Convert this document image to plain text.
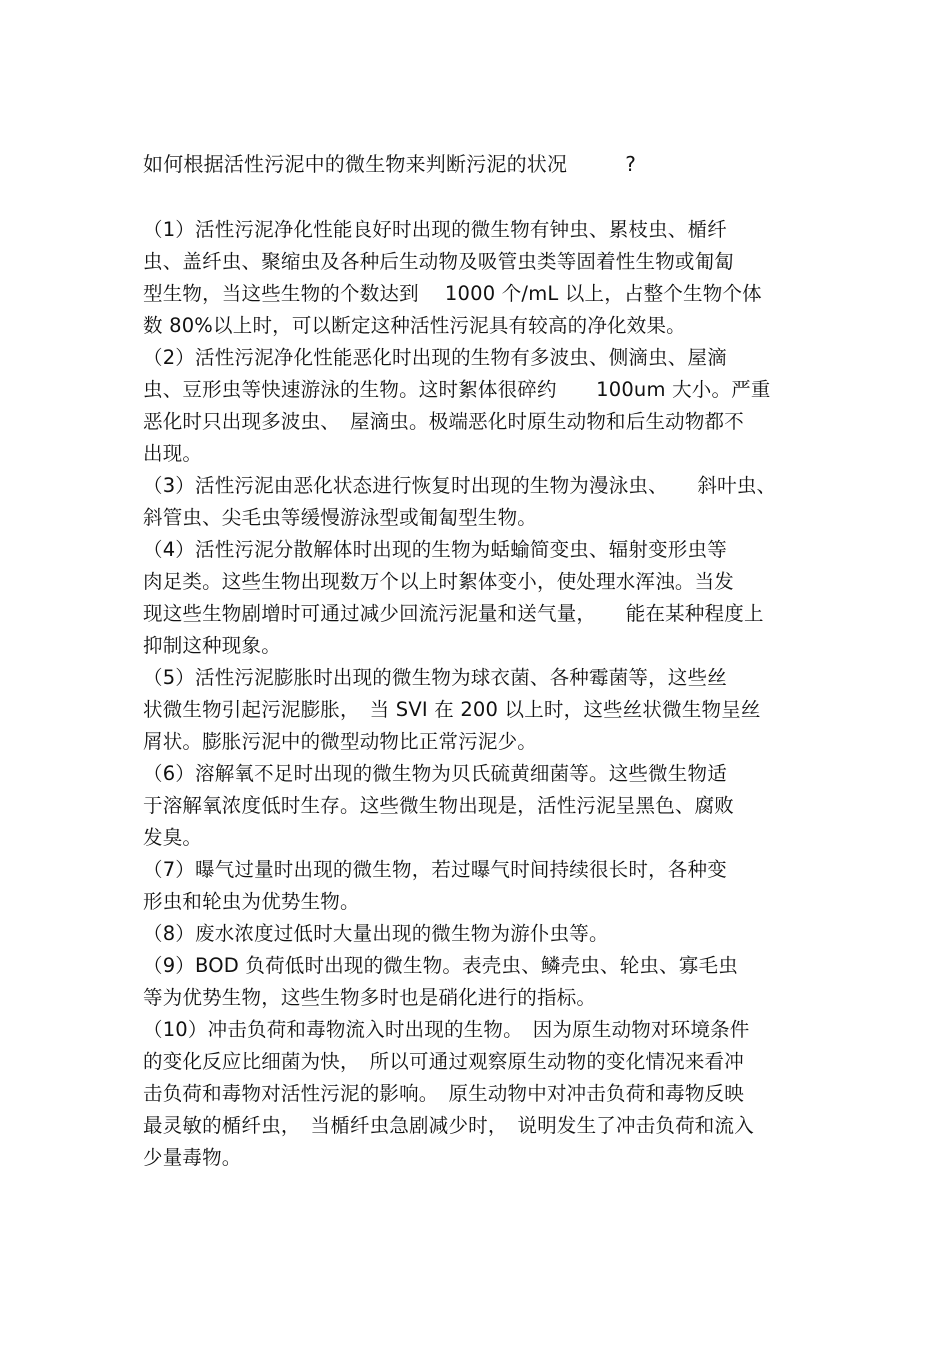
如何根据活性污泥中的微生物来判断污泥的状况	?
（1）活性污泥净化性能良好时出现的微生物有钟虫、累枝虫、楯纤
虫、盖纤虫、聚缩虫及各种后生动物及吸管虫类等固着性生物或匍匐
型生物，当这些生物的个数达到　 1000 个/mL 以上，占整个生物个体
数 80%以上时，可以断定这种活性污泥具有较高的净化效果。
（2）活性污泥净化性能恶化时出现的生物有多波虫、侧滴虫、屋滴
虫、豆形虫等快速游泳的生物。这时絮体很碎约　　100um 大小。严重
恶化时只出现多波虫、　屋滴虫。极端恶化时原生动物和后生动物都不
出现。
（3）活性污泥由恶化状态进行恢复时出现的生物为漫泳虫、　　斜叶虫、
斜管虫、尖毛虫等缓慢游泳型或匍匐型生物。
（4）活性污泥分散解体时出现的生物为蛞蝓简变虫、辐射变形虫等
肉足类。这些生物出现数万个以上时絮体变小，使处理水浑浊。当发
现这些生物剧增时可通过减少回流污泥量和送气量，　　能在某种程度上
抑制这种现象。
（5）活性污泥膨胀时出现的微生物为球衣菌、各种霉菌等，这些丝
状微生物引起污泥膨胀，　当 SVI 在 200 以上时，这些丝状微生物呈丝
屑状。膨胀污泥中的微型动物比正常污泥少。
（6）溶解氧不足时出现的微生物为贝氏硫黄细菌等。这些微生物适
于溶解氧浓度低时生存。这些微生物出现是，活性污泥呈黑色、腐败
发臭。
（7）曝气过量时出现的微生物，若过曝气时间持续很长时，各种变
形虫和轮虫为优势生物。
（8）废水浓度过低时大量出现的微生物为游仆虫等。
（9）BOD 负荷低时出现的微生物。表壳虫、鳞壳虫、轮虫、寡毛虫
等为优势生物，这些生物多时也是硝化进行的指标。
（10）冲击负荷和毒物流入时出现的生物。　因为原生动物对环境条件
的变化反应比细菌为快，　所以可通过观察原生动物的变化情况来看冲
击负荷和毒物对活性污泥的影响。　原生动物中对冲击负荷和毒物反映
最灵敏的楯纤虫，　当楯纤虫急剧减少时，　说明发生了冲击负荷和流入
少量毒物。
